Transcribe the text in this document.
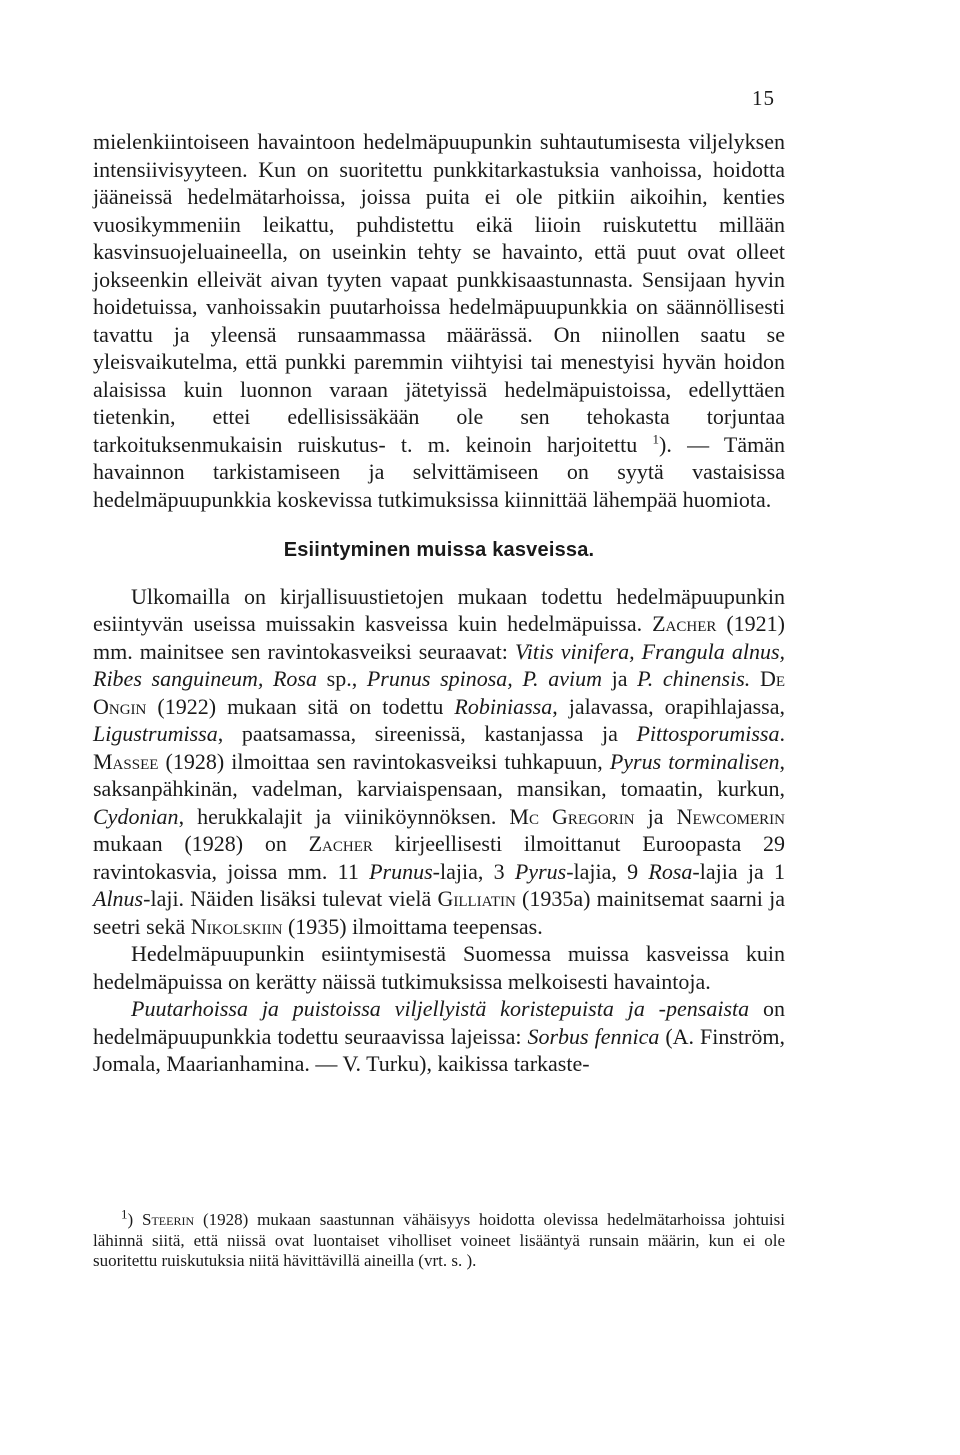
15

mielenkiintoiseen havaintoon hedelmäpuupunkin suhtautumisesta viljelyksen intensiivisyyteen. Kun on suoritettu punkkitarkastuksia vanhoissa, hoidotta jääneissä hedelmätarhoissa, joissa puita ei ole pitkiin aikoihin, kenties vuosikymmeniin leikattu, puhdistettu eikä liioin ruiskutettu millään kasvinsuojeluaineella, on useinkin tehty se havainto, että puut ovat olleet jokseenkin elleivät aivan tyyten vapaat punkkisaastunnasta. Sensijaan hyvin hoidetuissa, vanhoissakin puutarhoissa hedelmäpuupunkkia on säännöllisesti tavattu ja yleensä runsaammassa määrässä. On niinollen saatu se yleisvaikutelma, että punkki paremmin viihtyisi tai menestyisi hyvän hoidon alaisissa kuin luonnon varaan jätetyissä hedelmäpuistoissa, edellyttäen tietenkin, ettei edellisissäkään ole sen tehokasta torjuntaa tarkoituksenmukaisin ruiskutus- t. m. keinoin harjoitettu $^1$). — Tämän havainnon tarkistamiseen ja selvittämiseen on syytä vastaisissa hedelmäpuupunkkia koskevissa tutkimuksissa kiinnittää lähempää huomiota.

Esiintyminen muissa kasveissa.

Ulkomailla on kirjallisuustietojen mukaan todettu hedelmäpuupunkin esiintyvän useissa muissakin kasveissa kuin hedelmäpuissa. Zacher (1921) mm. mainitsee sen ravintokasveiksi seuraavat: Vitis vinifera, Frangula alnus, Ribes sanguineum, Rosa sp., Prunus spinosa, P. avium ja P. chinensis. De Ongin (1922) mukaan sitä on todettu Robiniassa, jalavassa, orapihlajassa, Ligustrumissa, paatsamassa, sireenissä, kastanjassa ja Pittosporumissa. Massee (1928) ilmoittaa sen ravintokasveiksi tuhkapuun, Pyrus torminalisen, saksanpähkinän, vadelman, karviaispensaan, mansikan, tomaatin, kurkun, Cydonian, herukkalajit ja viiniköynnöksen. Mc Gregorin ja Newcomerin mukaan (1928) on Zacher kirjeellisesti ilmoittanut Euroopasta 29 ravintokasvia, joissa mm. 11 Prunus-lajia, 3 Pyrus-lajia, 9 Rosa-lajia ja 1 Alnus-laji. Näiden lisäksi tulevat vielä Gilliatin (1935a) mainitsemat saarni ja seetri sekä Nikolskiin (1935) ilmoittama teepensas.

Hedelmäpuupunkin esiintymisestä Suomessa muissa kasveissa kuin hedelmäpuissa on kerätty näissä tutkimuksissa melkoisesti havaintoja.

Puutarhoissa ja puistoissa viljellyistä koristepuista ja -pensaista on hedelmäpuupunkkia todettu seuraavissa lajeissa: Sorbus fennica (A. Finström, Jomala, Maarianhamina. — V. Turku), kaikissa tarkaste-

$^1$) Steerin (1928) mukaan saastunnan vähäisyys hoidotta olevissa hedelmätarhoissa johtuisi lähinnä siitä, että niissä ovat luontaiset viholliset voineet lisääntyä runsain määrin, kun ei ole suoritettu ruiskutuksia niitä hävittävillä aineilla (vrt. s. ).
